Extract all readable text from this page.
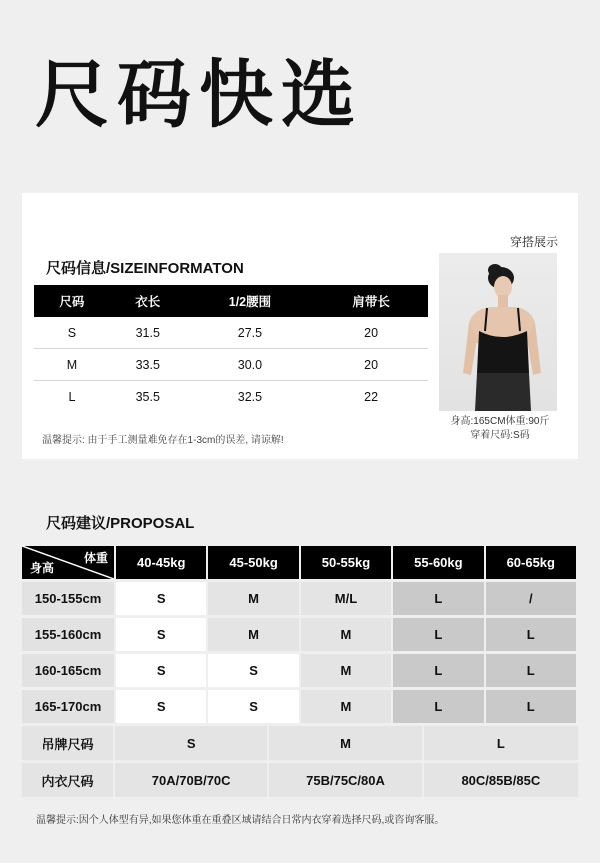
尺码快选
尺码信息/SIZEINFORMATON
尺码	衣长	1/2腰围	肩带长
S	31.5	27.5	20
M	33.5	30.0	20
L	35.5	32.5	22

温馨提示: 由于手工测量难免存在1-3cm的误差, 请谅解!

穿搭展示
身高:165CM体重:90斤
穿着尺码:S码
尺码建议/PROPOSAL
体重
身高	40-45kg	45-50kg	50-55kg	55-60kg	60-65kg
150-155cm	S	M	M/L	L	/
155-160cm	S	M	M	L	L
160-165cm	S	S	M	L	L
165-170cm	S	S	M	L	L
吊牌尺码	S	M	L
内衣尺码	70A/70B/70C	75B/75C/80A	80C/85B/85C

温馨提示:因个人体型有异,如果您体重在重叠区域请结合日常内衣穿着选择尺码,或咨询客服。
